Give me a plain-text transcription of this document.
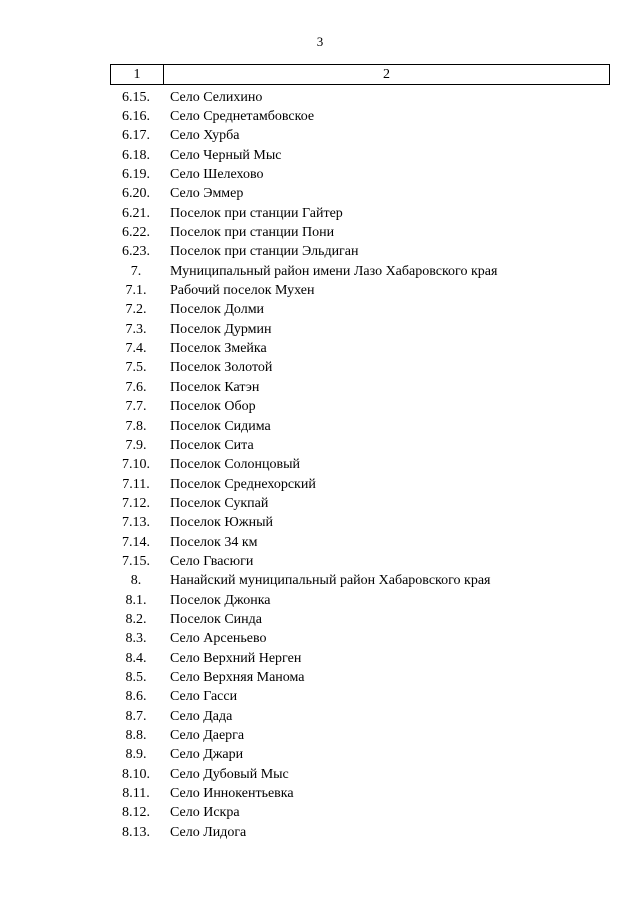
3
1	2
6.15.	Село Селихино
6.16.	Село Среднетамбовское
6.17.	Село Хурба
6.18.	Село Черный Мыс
6.19.	Село Шелехово
6.20.	Село Эммер
6.21.	Поселок при станции Гайтер
6.22.	Поселок при станции Пони
6.23.	Поселок при станции Эльдиган
7.	Муниципальный район имени Лазо Хабаровского края
7.1.	Рабочий поселок Мухен
7.2.	Поселок Долми
7.3.	Поселок Дурмин
7.4.	Поселок Змейка
7.5.	Поселок Золотой
7.6.	Поселок Катэн
7.7.	Поселок Обор
7.8.	Поселок Сидима
7.9.	Поселок Сита
7.10.	Поселок Солонцовый
7.11.	Поселок Среднехорский
7.12.	Поселок Сукпай
7.13.	Поселок Южный
7.14.	Поселок 34 км
7.15.	Село Гвасюги
8.	Нанайский муниципальный район Хабаровского края
8.1.	Поселок Джонка
8.2.	Поселок Синда
8.3.	Село Арсеньево
8.4.	Село Верхний Нерген
8.5.	Село Верхняя Манома
8.6.	Село Гасси
8.7.	Село Дада
8.8.	Село Даерга
8.9.	Село Джари
8.10.	Село Дубовый Мыс
8.11.	Село Иннокентьевка
8.12.	Село Искра
8.13.	Село Лидога
